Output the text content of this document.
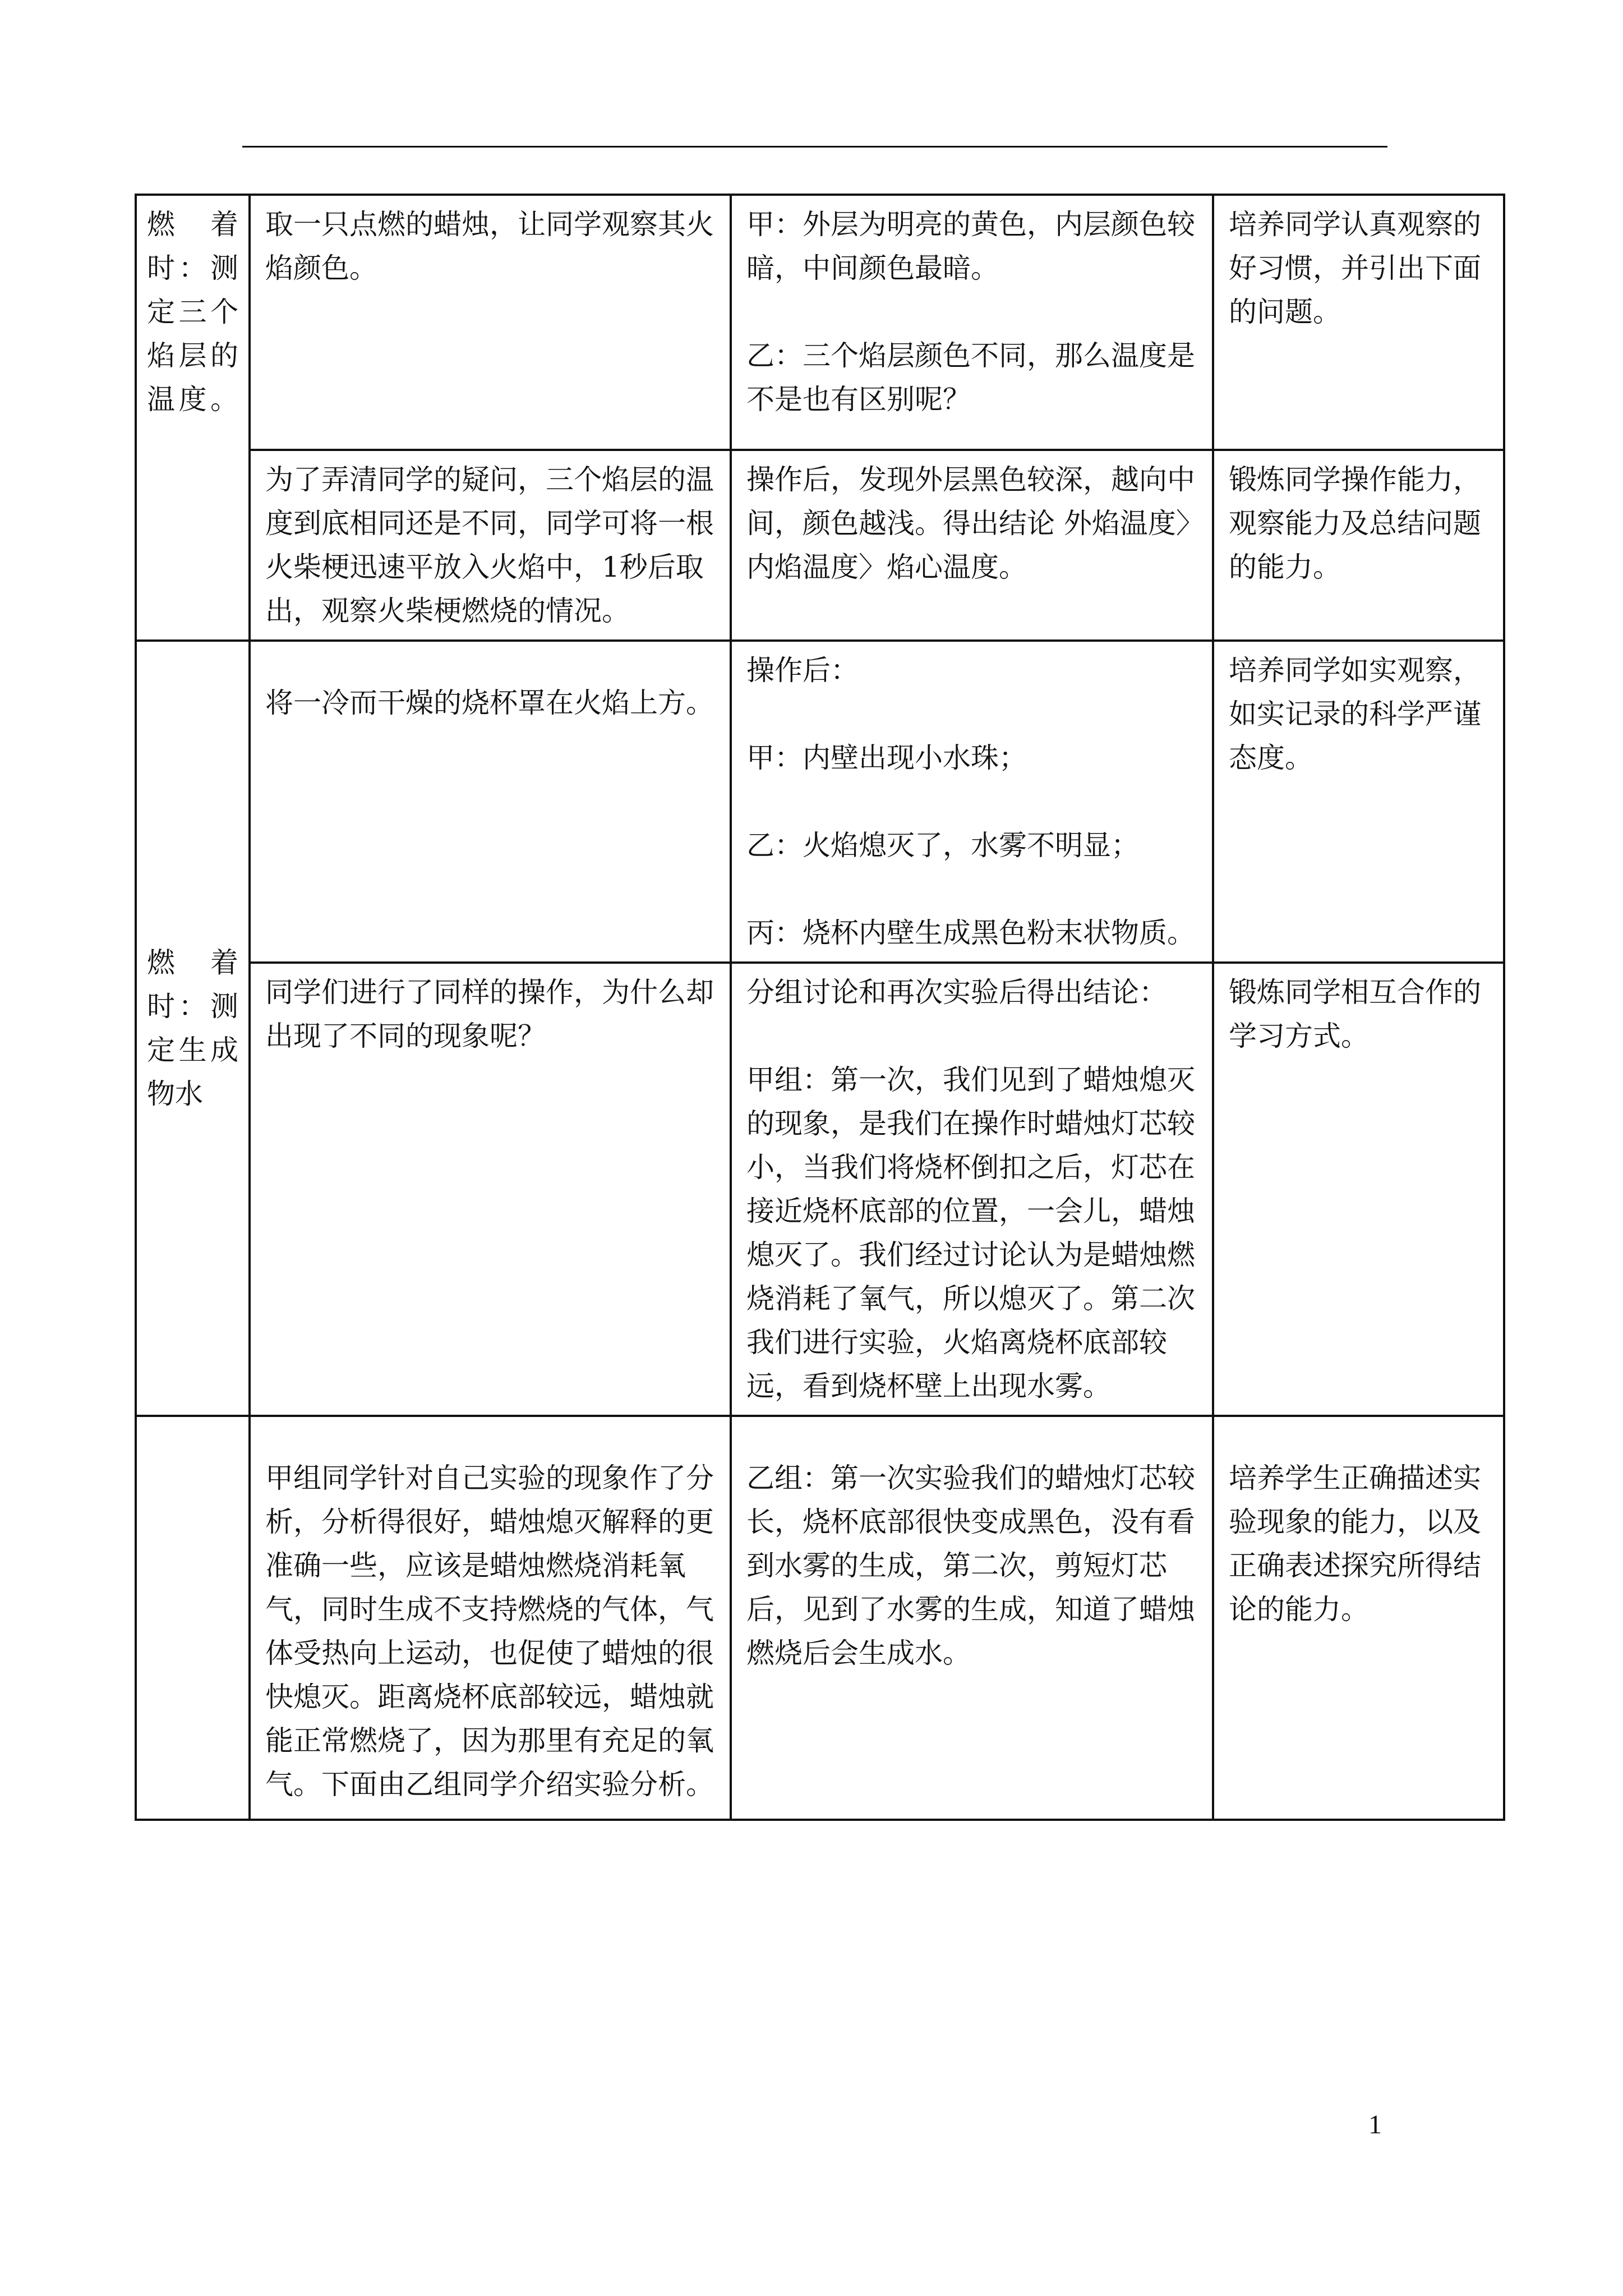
燃着时：测定三个焰层的温度。	取一只点燃的蜡烛，让同学观察其火焰颜色。	甲：外层为明亮的黄色，内层颜色较暗，中间颜色最暗。
乙：三个焰层颜色不同，那么温度是不是也有区别呢？	培养同学认真观察的好习惯，并引出下面的问题。
	为了弄清同学的疑问，三个焰层的温度到底相同还是不同，同学可将一根火柴梗迅速平放入火焰中，1秒后取出，观察火柴梗燃烧的情况。	操作后，发现外层黑色较深，越向中间，颜色越浅。得出结论 外焰温度〉内焰温度〉焰心温度。	锻炼同学操作能力，观察能力及总结问题的能力。
燃着时：测定生成物水	将一冷而干燥的烧杯罩在火焰上方。	操作后：
甲：内壁出现小水珠；
乙：火焰熄灭了，水雾不明显；
丙：烧杯内壁生成黑色粉末状物质。	培养同学如实观察，如实记录的科学严谨态度。
	同学们进行了同样的操作，为什么却出现了不同的现象呢？	分组讨论和再次实验后得出结论：
甲组：第一次，我们见到了蜡烛熄灭的现象，是我们在操作时蜡烛灯芯较小，当我们将烧杯倒扣之后，灯芯在接近烧杯底部的位置，一会儿，蜡烛熄灭了。我们经过讨论认为是蜡烛燃烧消耗了氧气，所以熄灭了。第二次我们进行实验，火焰离烧杯底部较远，看到烧杯壁上出现水雾。	锻炼同学相互合作的学习方式。
	甲组同学针对自己实验的现象作了分析，分析得很好，蜡烛熄灭解释的更准确一些，应该是蜡烛燃烧消耗氧气，同时生成不支持燃烧的气体，气体受热向上运动，也促使了蜡烛的很快熄灭。距离烧杯底部较远，蜡烛就能正常燃烧了，因为那里有充足的氧气。下面由乙组同学介绍实验分析。	乙组：第一次实验我们的蜡烛灯芯较长，烧杯底部很快变成黑色，没有看到水雾的生成，第二次，剪短灯芯后，见到了水雾的生成，知道了蜡烛燃烧后会生成水。	培养学生正确描述实验现象的能力，以及正确表述探究所得结论的能力。
1
